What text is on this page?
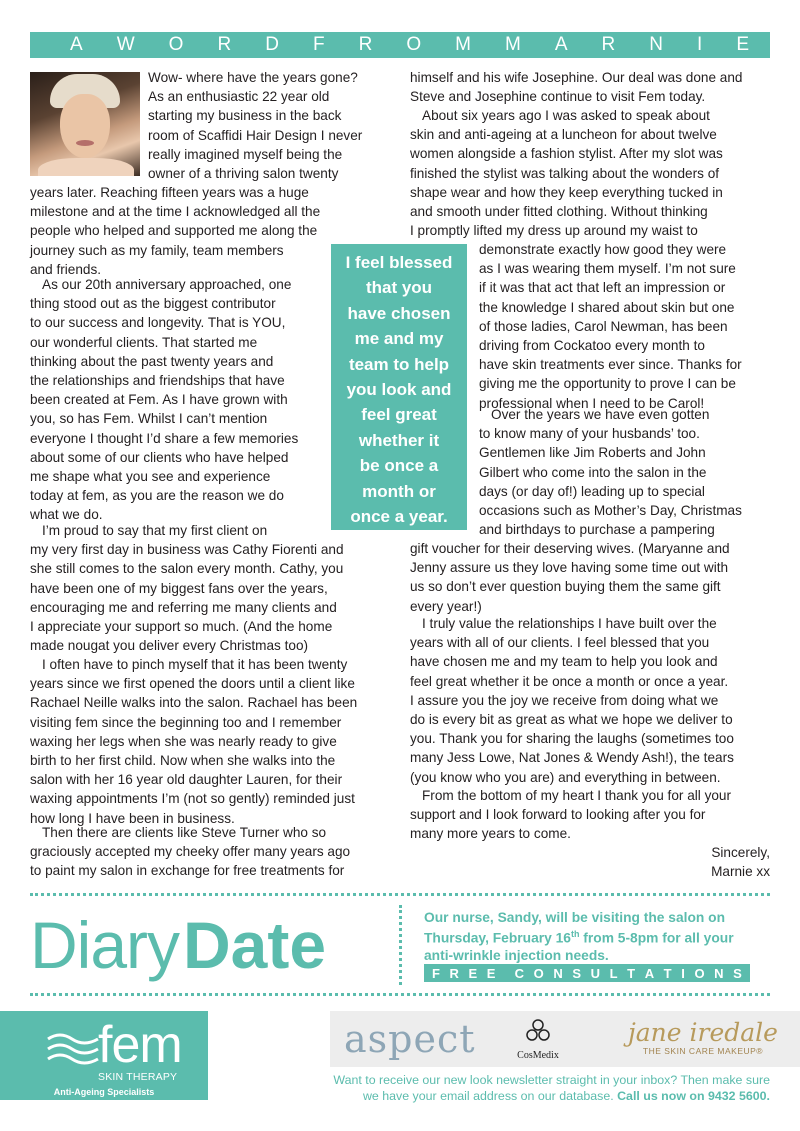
A W O R D F R O M M A R N I E

Wow- where have the years gone?

As an enthusiastic 22 year old

starting my business in the back

room of Scaffidi Hair Design I never

really imagined myself being the

owner of a thriving salon twenty

years later. Reaching fifteen years was a huge

milestone and at the time I acknowledged all the

people who helped and supported me along the

journey such as my family, team members

and friends.

As our 20th anniversary approached, one

thing stood out as the biggest contributor

to our success and longevity. That is YOU,

our wonderful clients. That started me

thinking about the past twenty years and

the relationships and friendships that have

been created at Fem. As I have grown with

you, so has Fem. Whilst I can’t mention

everyone I thought I’d share a few memories

about some of our clients who have helped

me shape what you see and experience

today at fem, as you are the reason we do

what we do.

I’m proud to say that my first client on

my very first day in business was Cathy Fiorenti and

she still comes to the salon every month. Cathy, you

have been one of my biggest fans over the years,

encouraging me and referring me many clients and

I appreciate your support so much. (And the home

made nougat you deliver every Christmas too)

I often have to pinch myself that it has been twenty

years since we first opened the doors until a client like

Rachael Neille walks into the salon. Rachael has been

visiting fem since the beginning too and I remember

waxing her legs when she was nearly ready to give

birth to her first child. Now when she walks into the

salon with her 16 year old daughter Lauren, for their

waxing appointments I’m (not so gently) reminded just

how long I have been in business.

Then there are clients like Steve Turner who so

graciously accepted my cheeky offer many years ago

to paint my salon in exchange for free treatments for

I feel blessed
that you
have chosen
me and my
team to help
you look and
feel great
whether it
be once a
month or
once a year.

himself and his wife Josephine. Our deal was done and

Steve and Josephine continue to visit Fem today.

About six years ago I was asked to speak about

skin and anti-ageing at a luncheon for about twelve

women alongside a fashion stylist. After my slot was

finished the stylist was talking about the wonders of

shape wear and how they keep everything tucked in

and smooth under fitted clothing. Without thinking

I promptly lifted my dress up around my waist to

demonstrate exactly how good they were

as I was wearing them myself. I’m not sure

if it was that act that left an impression or

the knowledge I shared about skin but one

of those ladies, Carol Newman, has been

driving from Cockatoo every month to

have skin treatments ever since. Thanks for

giving me the opportunity to prove I can be

professional when I need to be Carol!

Over the years we have even gotten

to know many of your husbands’ too.

Gentlemen like Jim Roberts and John

Gilbert who come into the salon in the

days (or day of!) leading up to special

occasions such as Mother’s Day, Christmas

and birthdays to purchase a pampering

gift voucher for their deserving wives. (Maryanne and

Jenny assure us they love having some time out with

us so don’t ever question buying them the same gift

every year!)

I truly value the relationships I have built over the

years with all of our clients. I feel blessed that you

have chosen me and my team to help you look and

feel great whether it be once a month or once a year.

I assure you the joy we receive from doing what we

do is every bit as great as what we hope we deliver to

you. Thank you for sharing the laughs (sometimes too

many Jess Lowe, Nat Jones & Wendy Ash!), the tears

(you know who you are) and everything in between.

From the bottom of my heart I thank you for all your

support and I look forward to looking after you for

many more years to come.

Sincerely,

Marnie xx

Diary Date	Our nurse, Sandy, will be visiting the salon on
Thursday, February 16th from 5-8pm for all your
anti-wrinkle injection needs.
F R E E C O N S U L T A T I O N S
fem
SKIN THERAPY
Anti-Ageing Specialists
aspect	CosMedix
jane iredale
THE SKIN CARE MAKEUP®
Want to receive our new look newsletter straight in your inbox? Then make sure
we have your email address on our database. Call us now on 9432 5600.
